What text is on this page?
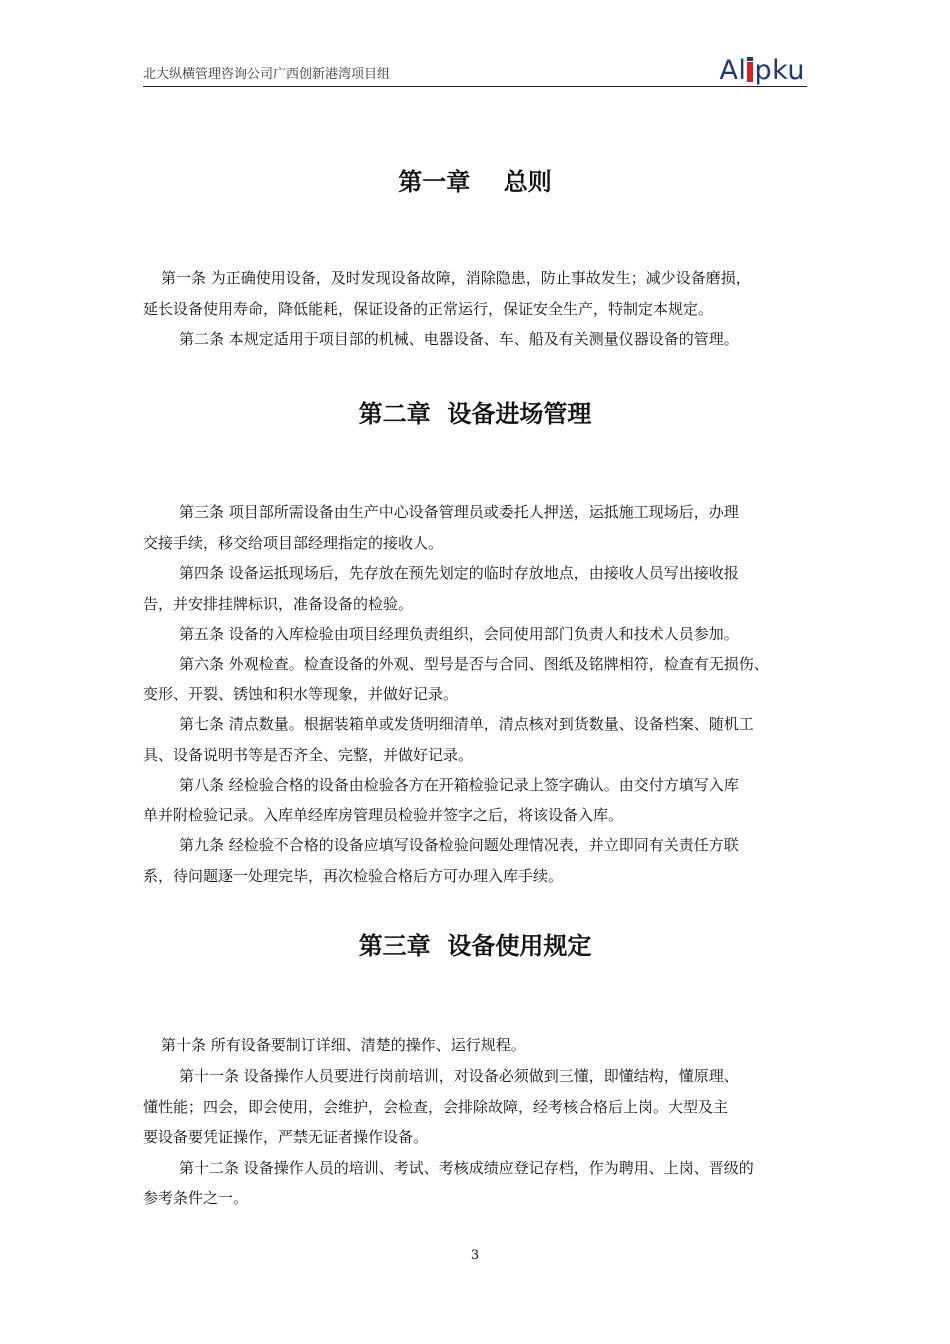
北大纵横管理咨询公司广西创新港湾项目组	Al pku
第一章    总则
第一条 为正确使用设备，及时发现设备故障，消除隐患，防止事故发生；减少设备磨损，
延长设备使用寿命，降低能耗，保证设备的正常运行，保证安全生产，特制定本规定。
第二条 本规定适用于项目部的机械、电器设备、车、船及有关测量仪器设备的管理。
第二章  设备进场管理
第三条 项目部所需设备由生产中心设备管理员或委托人押送，运抵施工现场后，办理
交接手续，移交给项目部经理指定的接收人。
第四条 设备运抵现场后，先存放在预先划定的临时存放地点，由接收人员写出接收报
告，并安排挂牌标识，准备设备的检验。
第五条 设备的入库检验由项目经理负责组织，会同使用部门负责人和技术人员参加。
第六条 外观检查。检查设备的外观、型号是否与合同、图纸及铭牌相符，检查有无损伤、
变形、开裂、锈蚀和积水等现象，并做好记录。
第七条 清点数量。根据装箱单或发货明细清单，清点核对到货数量、设备档案、随机工
具、设备说明书等是否齐全、完整，并做好记录。
第八条 经检验合格的设备由检验各方在开箱检验记录上签字确认。由交付方填写入库
单并附检验记录。入库单经库房管理员检验并签字之后，将该设备入库。
第九条 经检验不合格的设备应填写设备检验问题处理情况表，并立即同有关责任方联
系，待问题逐一处理完毕，再次检验合格后方可办理入库手续。
第三章  设备使用规定
第十条 所有设备要制订详细、清楚的操作、运行规程。
第十一条 设备操作人员要进行岗前培训，对设备必须做到三懂，即懂结构，懂原理、
懂性能；四会，即会使用，会维护，会检查，会排除故障，经考核合格后上岗。大型及主
要设备要凭证操作，严禁无证者操作设备。
第十二条 设备操作人员的培训、考试、考核成绩应登记存档，作为聘用、上岗、晋级的
参考条件之一。
3
